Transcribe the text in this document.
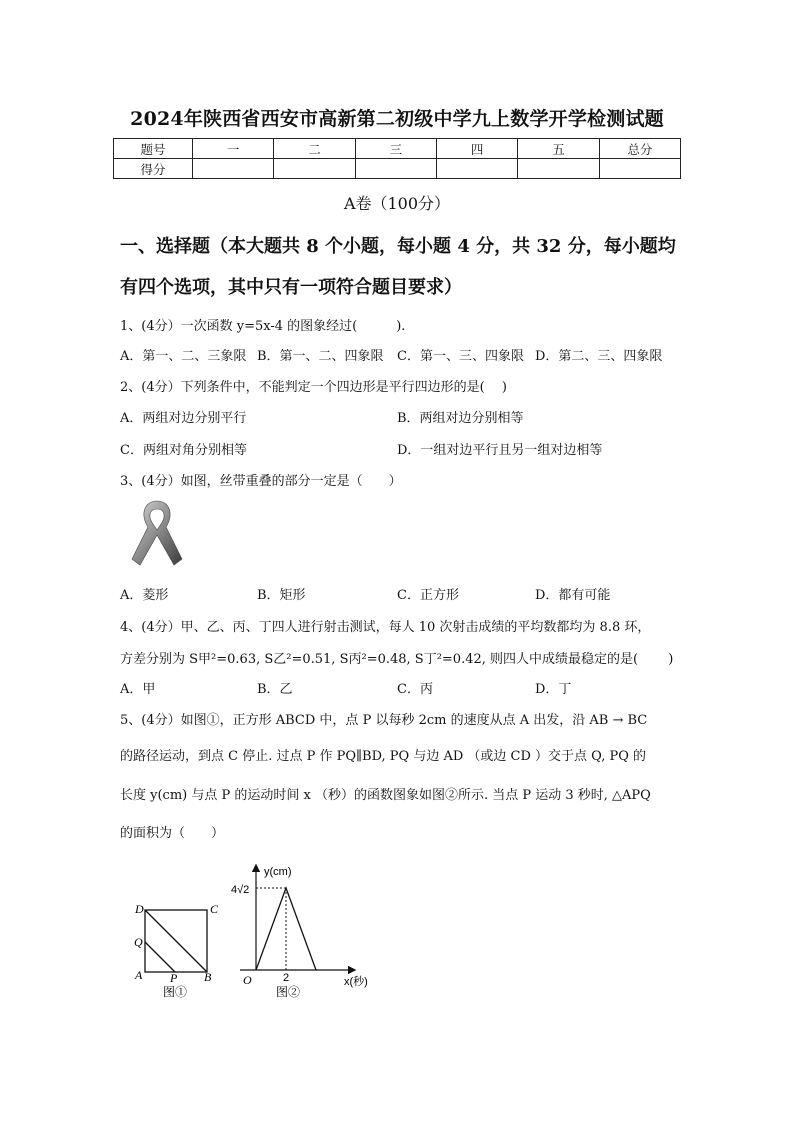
2024年陕西省西安市高新第二初级中学九上数学开学检测试题
题号	一	二	三	四	五	总分
得分						
A卷（100分）
一、选择题（本大题共 8 个小题，每小题 4 分，共 32 分，每小题均
有四个选项，其中只有一项符合题目要求）
1、(4分）一次函数 y=5x-4 的图象经过(　　　).
A．第一、二、三象限 B．第一、二、四象限 C．第一、三、四象限 D．第二、三、四象限
2、(4分）下列条件中，不能判定一个四边形是平行四边形的是(　 )
A．两组对边分别平行	B．两组对边分别相等
C．两组对角分别相等	D．一组对边平行且另一组对边相等
3、(4分）如图，丝带重叠的部分一定是（　　）
A．菱形	B．矩形	C．正方形	D．都有可能
4、(4分）甲、乙、丙、丁四人进行射击测试，每人 10 次射击成绩的平均数都均为 8.8 环，
方差分别为 S甲²=0.63, S乙²=0.51, S丙²=0.48, S丁²=0.42, 则四人中成绩最稳定的是(　　 )
A．甲	B．乙	C．丙	D．丁
5、(4分）如图①，正方形 ABCD 中，点 P 以每秒 2cm 的速度从点 A 出发，沿 AB → BC
的路径运动，到点 C 停止. 过点 P 作 PQ∥BD, PQ 与边 AD （或边 CD ）交于点 Q, PQ 的
长度 y(cm) 与点 P 的运动时间 x （秒）的函数图象如图②所示. 当点 P 运动 3 秒时, △APQ
的面积为（　　）
D	C
Q
A P B
图①
y(cm)
4√2
O	2	x(秒)
图②
